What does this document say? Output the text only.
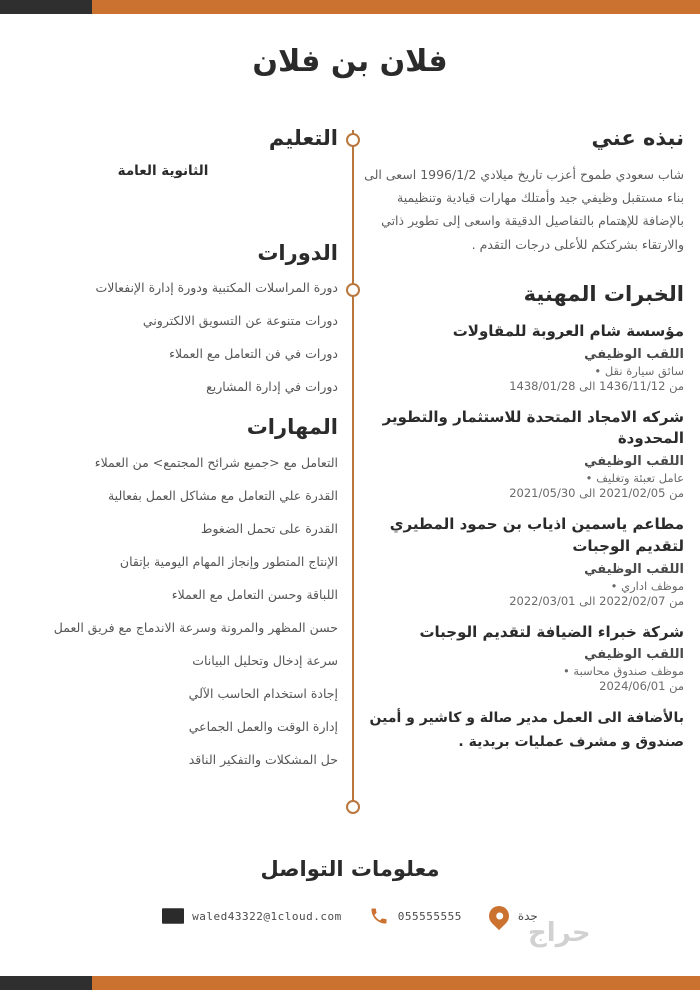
فلان بن فلان
نبذه عني

شاب سعودي طموح أعزب تاريخ ميلادي 1996/1/2 اسعى الى بناء مستقبل وظيفي جيد وأمتلك مهارات قيادية وتنظيمية بالإضافة للإهتمام بالتفاصيل الدقيقة واسعى إلى تطوير ذاتي والارتقاء بشركتكم للأعلى درجات التقدم .

الخبرات المهنية
مؤسسة شام العروبة للمقاولات
اللقب الوظيفي
سائق سيارة نقل •
من 1436/11/12 الى 1438/01/28
شركه الامجاد المتحدة للاستثمار والتطوير المحدودة
اللقب الوظيفي
عامل تعبئة وتغليف •
من 2021/02/05 الى 2021/05/30
مطاعم ياسمين اذياب بن حمود المطيري لتقديم الوجبات
اللقب الوظيفي
موظف اداري •
من 2022/02/07 الى 2022/03/01
شركة خبراء الضيافة لتقديم الوجبات
اللقب الوظيفي
موظف صندوق محاسبة •
من 2024/06/01
بالأضافة الى العمل مدير صالة و كاشير و أمين صندوق و مشرف عمليات بريدية .
التعليم
الثانوية العامة
الدورات
دورة المراسلات المكتبية ودورة إدارة الإنفعالات
دورات متنوعة عن التسويق الالكتروني
دورات في فن التعامل مع العملاء
دورات في إدارة المشاريع
المهارات
التعامل مع <جميع شرائح المجتمع> من العملاء
القدرة علي التعامل مع مشاكل العمل بفعالية
القدرة على تحمل الضغوط
الإنتاج المتطور وإنجاز المهام اليومية بإتقان
اللباقة وحسن التعامل مع العملاء
حسن المظهر والمرونة وسرعة الاندماج مع فريق العمل
سرعة إدخال وتحليل البيانات
إجادة استخدام الحاسب الآلي
إدارة الوقت والعمل الجماعي
حل المشكلات والتفكير الناقد
معلومات التواصل
جدة
055555555
waled43322@1cloud.com
حراج
